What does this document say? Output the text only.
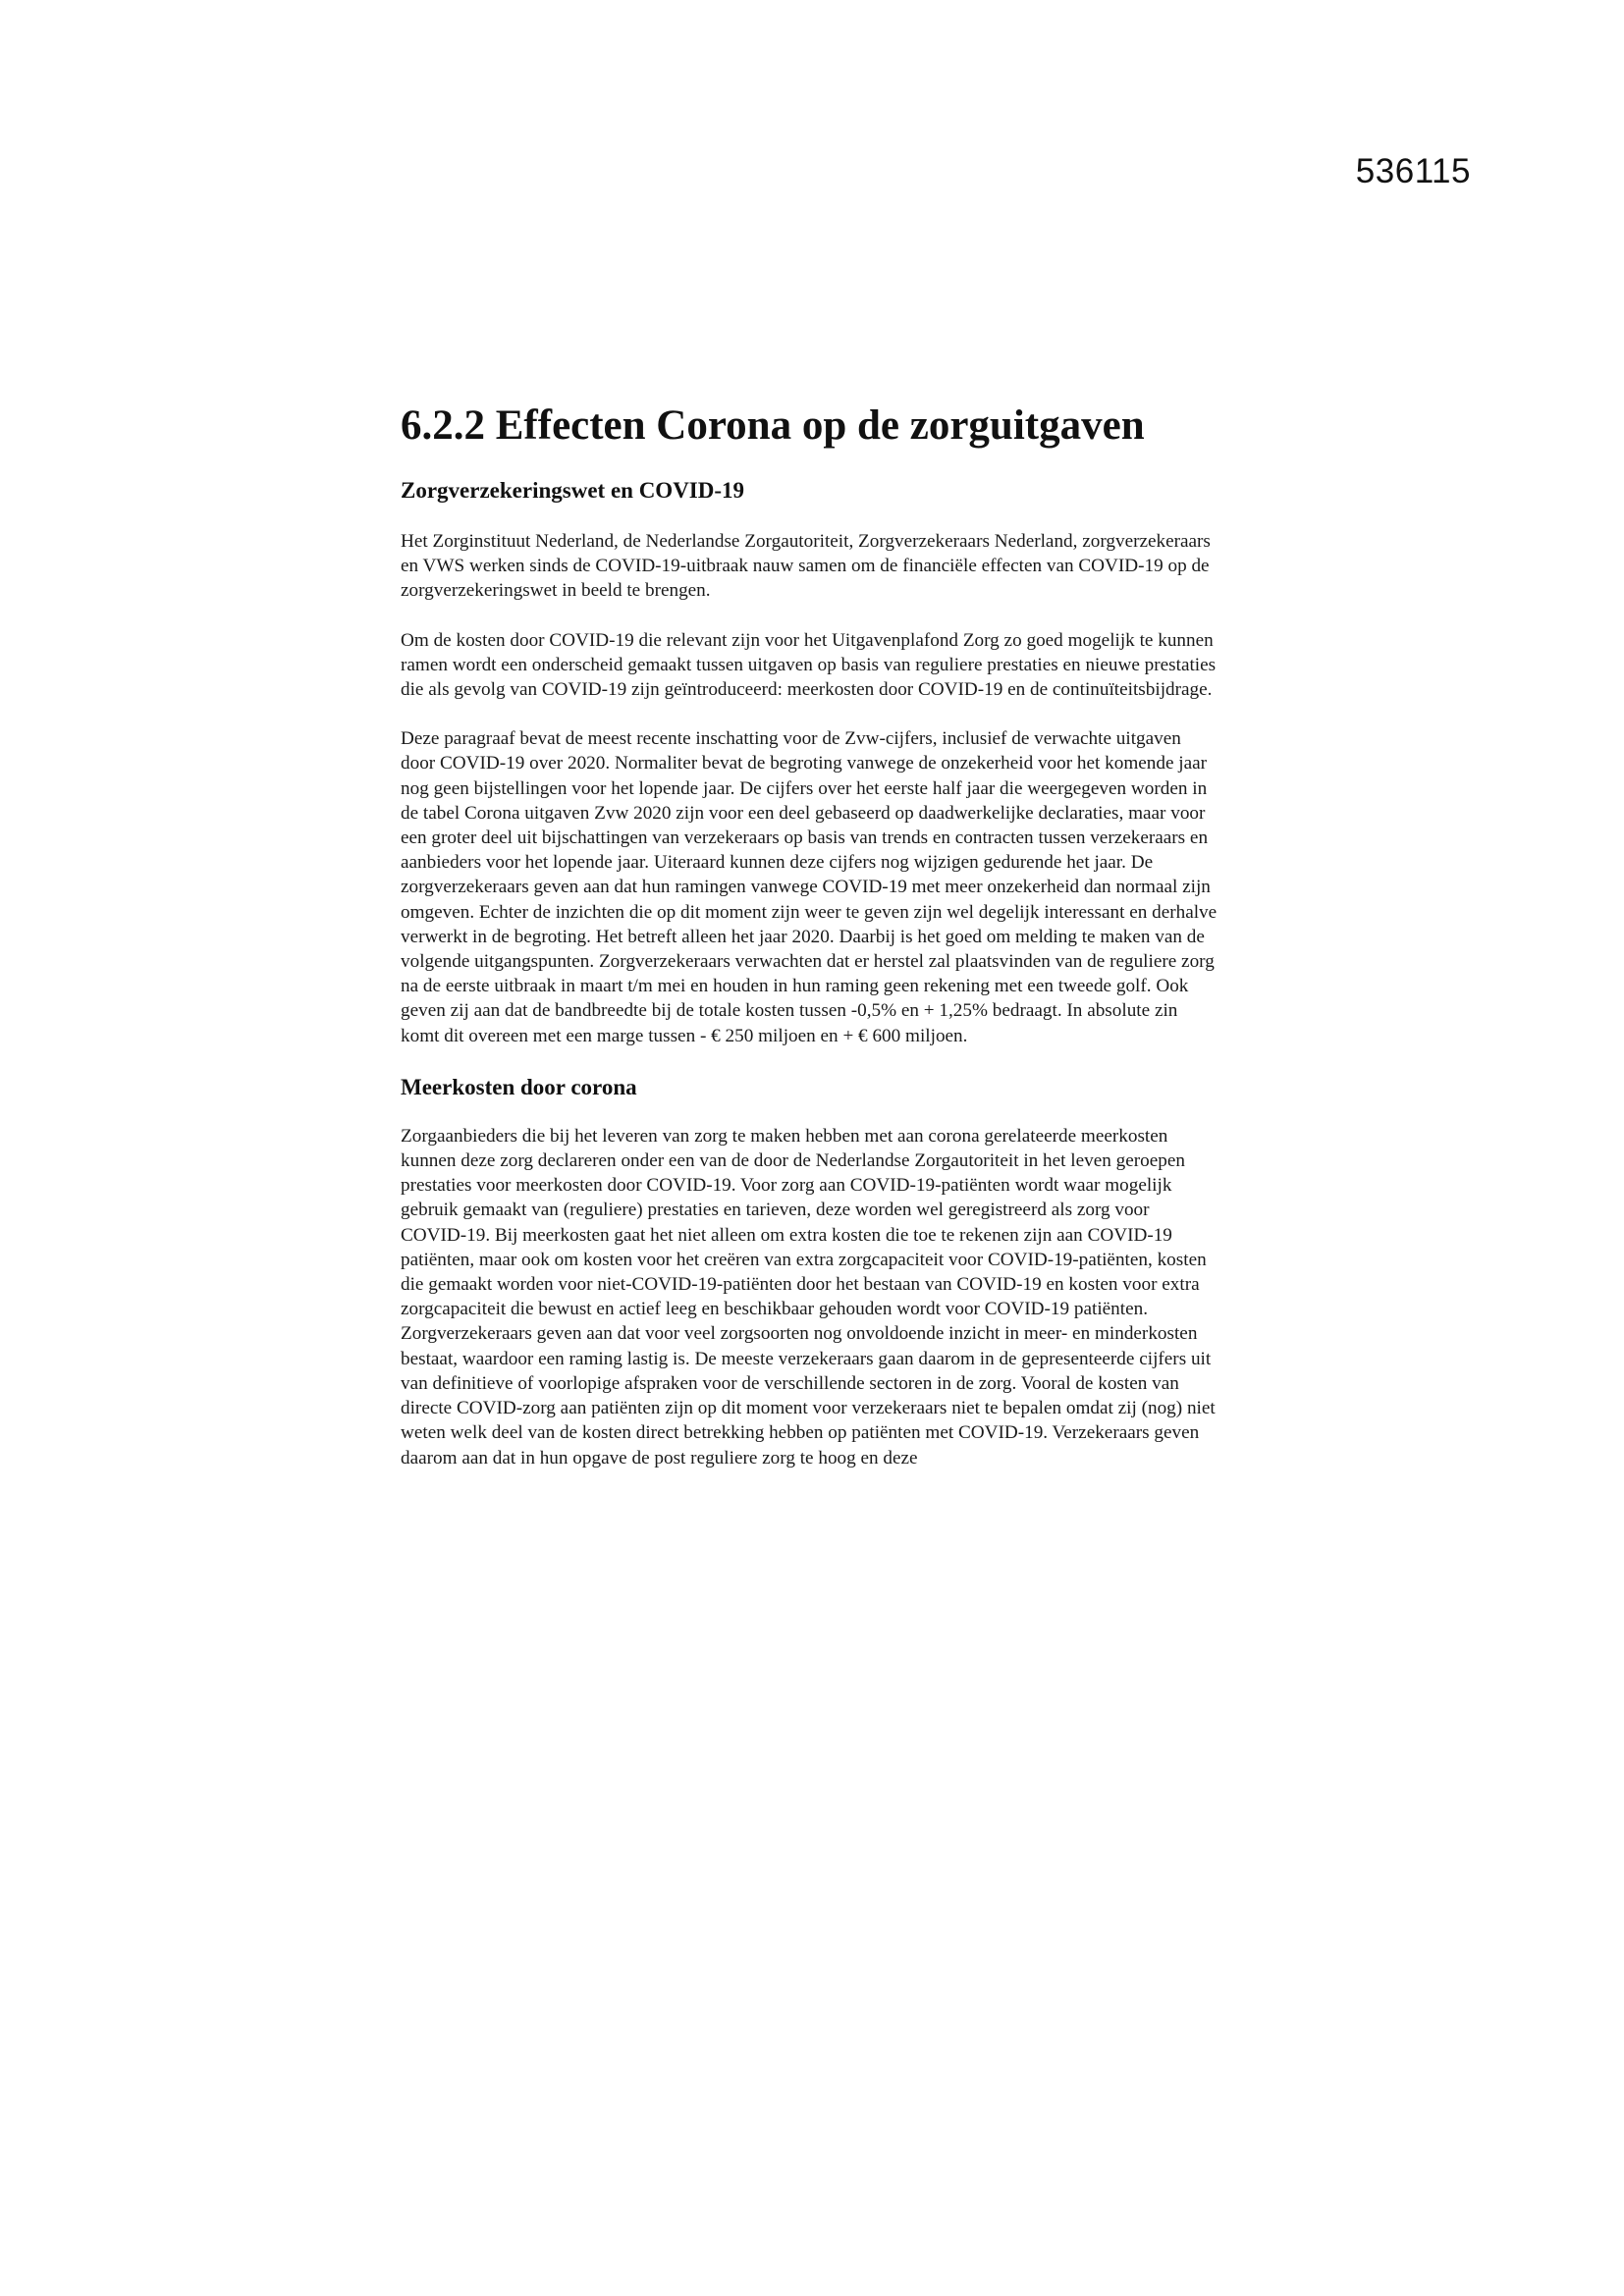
536115
6.2.2 Effecten Corona op de zorguitgaven
Zorgverzekeringswet en COVID-19

Het Zorginstituut Nederland, de Nederlandse Zorgautoriteit, Zorgverzekeraars Nederland, zorgverzekeraars en VWS werken sinds de COVID-19-uitbraak nauw samen om de financiële effecten van COVID-19 op de zorgverzekeringswet in beeld te brengen.

Om de kosten door COVID-19 die relevant zijn voor het Uitgavenplafond Zorg zo goed mogelijk te kunnen ramen wordt een onderscheid gemaakt tussen uitgaven op basis van reguliere prestaties en nieuwe prestaties die als gevolg van COVID-19 zijn geïntroduceerd: meerkosten door COVID-19 en de continuïteitsbijdrage.

Deze paragraaf bevat de meest recente inschatting voor de Zvw-cijfers, inclusief de verwachte uitgaven door COVID-19 over 2020. Normaliter bevat de begroting vanwege de onzekerheid voor het komende jaar nog geen bijstellingen voor het lopende jaar. De cijfers over het eerste half jaar die weergegeven worden in de tabel Corona uitgaven Zvw 2020 zijn voor een deel gebaseerd op daadwerkelijke declaraties, maar voor een groter deel uit bijschattingen van verzekeraars op basis van trends en contracten tussen verzekeraars en aanbieders voor het lopende jaar. Uiteraard kunnen deze cijfers nog wijzigen gedurende het jaar. De zorgverzekeraars geven aan dat hun ramingen vanwege COVID-19 met meer onzekerheid dan normaal zijn omgeven. Echter de inzichten die op dit moment zijn weer te geven zijn wel degelijk interessant en derhalve verwerkt in de begroting. Het betreft alleen het jaar 2020. Daarbij is het goed om melding te maken van de volgende uitgangspunten. Zorgverzekeraars verwachten dat er herstel zal plaatsvinden van de reguliere zorg na de eerste uitbraak in maart t/m mei en houden in hun raming geen rekening met een tweede golf. Ook geven zij aan dat de bandbreedte bij de totale kosten tussen -0,5% en + 1,25% bedraagt. In absolute zin komt dit overeen met een marge tussen - € 250 miljoen en + € 600 miljoen.

Meerkosten door corona

Zorgaanbieders die bij het leveren van zorg te maken hebben met aan corona gerelateerde meerkosten kunnen deze zorg declareren onder een van de door de Nederlandse Zorgautoriteit in het leven geroepen prestaties voor meerkosten door COVID-19. Voor zorg aan COVID-19-patiënten wordt waar mogelijk gebruik gemaakt van (reguliere) prestaties en tarieven, deze worden wel geregistreerd als zorg voor COVID-19. Bij meerkosten gaat het niet alleen om extra kosten die toe te rekenen zijn aan COVID-19 patiënten, maar ook om kosten voor het creëren van extra zorgcapaciteit voor COVID-19-patiënten, kosten die gemaakt worden voor niet-COVID-19-patiënten door het bestaan van COVID-19 en kosten voor extra zorgcapaciteit die bewust en actief leeg en beschikbaar gehouden wordt voor COVID-19 patiënten. Zorgverzekeraars geven aan dat voor veel zorgsoorten nog onvoldoende inzicht in meer- en minderkosten bestaat, waardoor een raming lastig is. De meeste verzekeraars gaan daarom in de gepresenteerde cijfers uit van definitieve of voorlopige afspraken voor de verschillende sectoren in de zorg. Vooral de kosten van directe COVID-zorg aan patiënten zijn op dit moment voor verzekeraars niet te bepalen omdat zij (nog) niet weten welk deel van de kosten direct betrekking hebben op patiënten met COVID-19. Verzekeraars geven daarom aan dat in hun opgave de post reguliere zorg te hoog en deze
